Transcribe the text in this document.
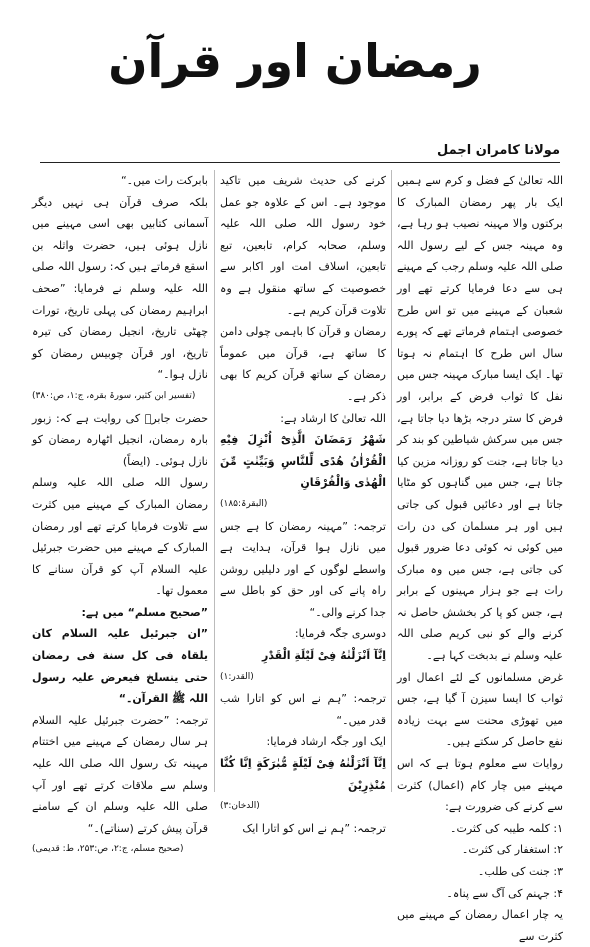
رمضان اور قرآن
مولانا کامران اجمل

اللہ تعالیٰ کے فضل و کرم سے ہمیں ایک بار پھر رمضان المبارک کا برکتوں والا مہینہ نصیب ہو رہا ہے، وہ مہینہ جس کے لیے رسول اللہ صلی اللہ علیہ وسلم رجب کے مہینے ہی سے دعا فرمایا کرتے تھے اور شعبان کے مہینے میں تو اس طرح خصوصی اہتمام فرماتے تھے کہ پورے سال اس طرح کا اہتمام نہ ہوتا تھا۔ ایک ایسا مبارک مہینہ جس میں نفل کا ثواب فرض کے برابر، اور فرض کا ستر درجہ بڑھا دیا جاتا ہے، جس میں سرکش شیاطین کو بند کر دیا جاتا ہے، جنت کو روزانہ مزین کیا جاتا ہے، جس میں گناہوں کو مٹایا جاتا ہے اور دعائیں قبول کی جاتی ہیں اور ہر مسلمان کی دن رات میں کوئی نہ کوئی دعا ضرور قبول کی جاتی ہے، جس میں وہ مبارک رات ہے جو ہزار مہینوں کے برابر ہے، جس کو پا کر بخشش حاصل نہ کرنے والے کو نبی کریم صلی اللہ علیہ وسلم نے بدبخت کہا ہے۔

غرض مسلمانوں کے لئے اعمال اور ثواب کا ایسا سیزن آ گیا ہے، جس میں تھوڑی محنت سے بہت زیادہ نفع حاصل کر سکتے ہیں۔

روایات سے معلوم ہوتا ہے کہ اس مہینے میں چار کام (اعمال) کثرت سے کرنے کی ضرورت ہے:

۱: کلمہ طیبہ کی کثرت۔

۲: استغفار کی کثرت۔

۳: جنت کی طلب۔

۴: جہنم کی آگ سے پناہ۔

یہ چار اعمال رمضان کے مہینے میں کثرت سے

کرنے کی حدیث شریف میں تاکید موجود ہے۔ اس کے علاوہ جو عمل خود رسول اللہ صلی اللہ علیہ وسلم، صحابہ کرام، تابعین، تبع تابعین، اسلاف امت اور اکابر سے خصوصیت کے ساتھ منقول ہے وہ تلاوت قرآن کریم ہے۔

رمضان و قرآن کا باہمی چولی دامن کا ساتھ ہے، قرآن میں عموماً رمضان کے ساتھ قرآن کریم کا بھی ذکر ہے۔

اللہ تعالیٰ کا ارشاد ہے:

شَهْرُ رَمَضَانَ الَّذِیْٓ اُنْزِلَ فِیْهِ الْقُرْاٰنُ هُدًى لِّلنَّاسِ وَبَیِّنٰتٍ مِّنَ الْهُدٰى وَالْفُرْقَانِ

(البقرۃ:۱۸۵)

ترجمہ: ”مہینہ رمضان کا ہے جس میں نازل ہوا قرآن، ہدایت ہے واسطے لوگوں کے اور دلیلیں روشن راہ پانے کی اور حق کو باطل سے جدا کرنے والی۔“

دوسری جگہ فرمایا:

اِنَّآ اَنْزَلْنٰهُ فِیْ لَیْلَةِ الْقَدْرِ

(القدر:۱)

ترجمہ: ”ہم نے اس کو اتارا شب قدر میں۔“

ایک اور جگہ ارشاد فرمایا:

اِنَّآ اَنْزَلْنٰهُ فِیْ لَیْلَةٍ مُّبٰرَكَةٍ اِنَّا كُنَّا مُنْذِرِیْنَ

(الدخان:۳)

ترجمہ: ”ہم نے اس کو اتارا ایک

بابرکت رات میں۔“

بلکہ صرف قرآن ہی نہیں دیگر آسمانی کتابیں بھی اسی مہینے میں نازل ہوئی ہیں، حضرت واثلہ بن اسقع فرماتے ہیں کہ: رسول اللہ صلی اللہ علیہ وسلم نے فرمایا: ”صحف ابراہیم رمضان کی پہلی تاریخ، تورات چھٹی تاریخ، انجیل رمضان کی تیرہ تاریخ، اور قرآن چوبیس رمضان کو نازل ہوا۔“

(تفسیر ابن کثیر، سورۃ بقرہ، ج:۱، ص:۳۸۰)

حضرت جابرؓ کی روایت ہے کہ: زبور بارہ رمضان، انجیل اٹھارہ رمضان کو نازل ہوئی۔ (ایضاً)

رسول اللہ صلی اللہ علیہ وسلم رمضان المبارک کے مہینے میں کثرت سے تلاوت فرمایا کرتے تھے اور رمضان المبارک کے مہینے میں حضرت جبرئیل علیہ السلام آپ کو قرآن سنانے کا معمول تھا۔

”صحیح مسلم“ میں ہے:

”ان جبرئیل علیہ السلام کان یلقاہ فی کل سنة فی رمضان حتی ینسلخ فیعرض علیہ رسول اللہ ﷺ القرآن۔“

ترجمہ: ”حضرت جبرئیل علیہ السلام ہر سال رمضان کے مہینے میں اختتام مہینہ تک رسول اللہ صلی اللہ علیہ وسلم سے ملاقات کرتے تھے اور آپ صلی اللہ علیہ وسلم ان کے سامنے قرآن پیش کرتے (سناتے)۔“

(صحیح مسلم، ج:۲، ص:۲۵۳، ط: قدیمی)
